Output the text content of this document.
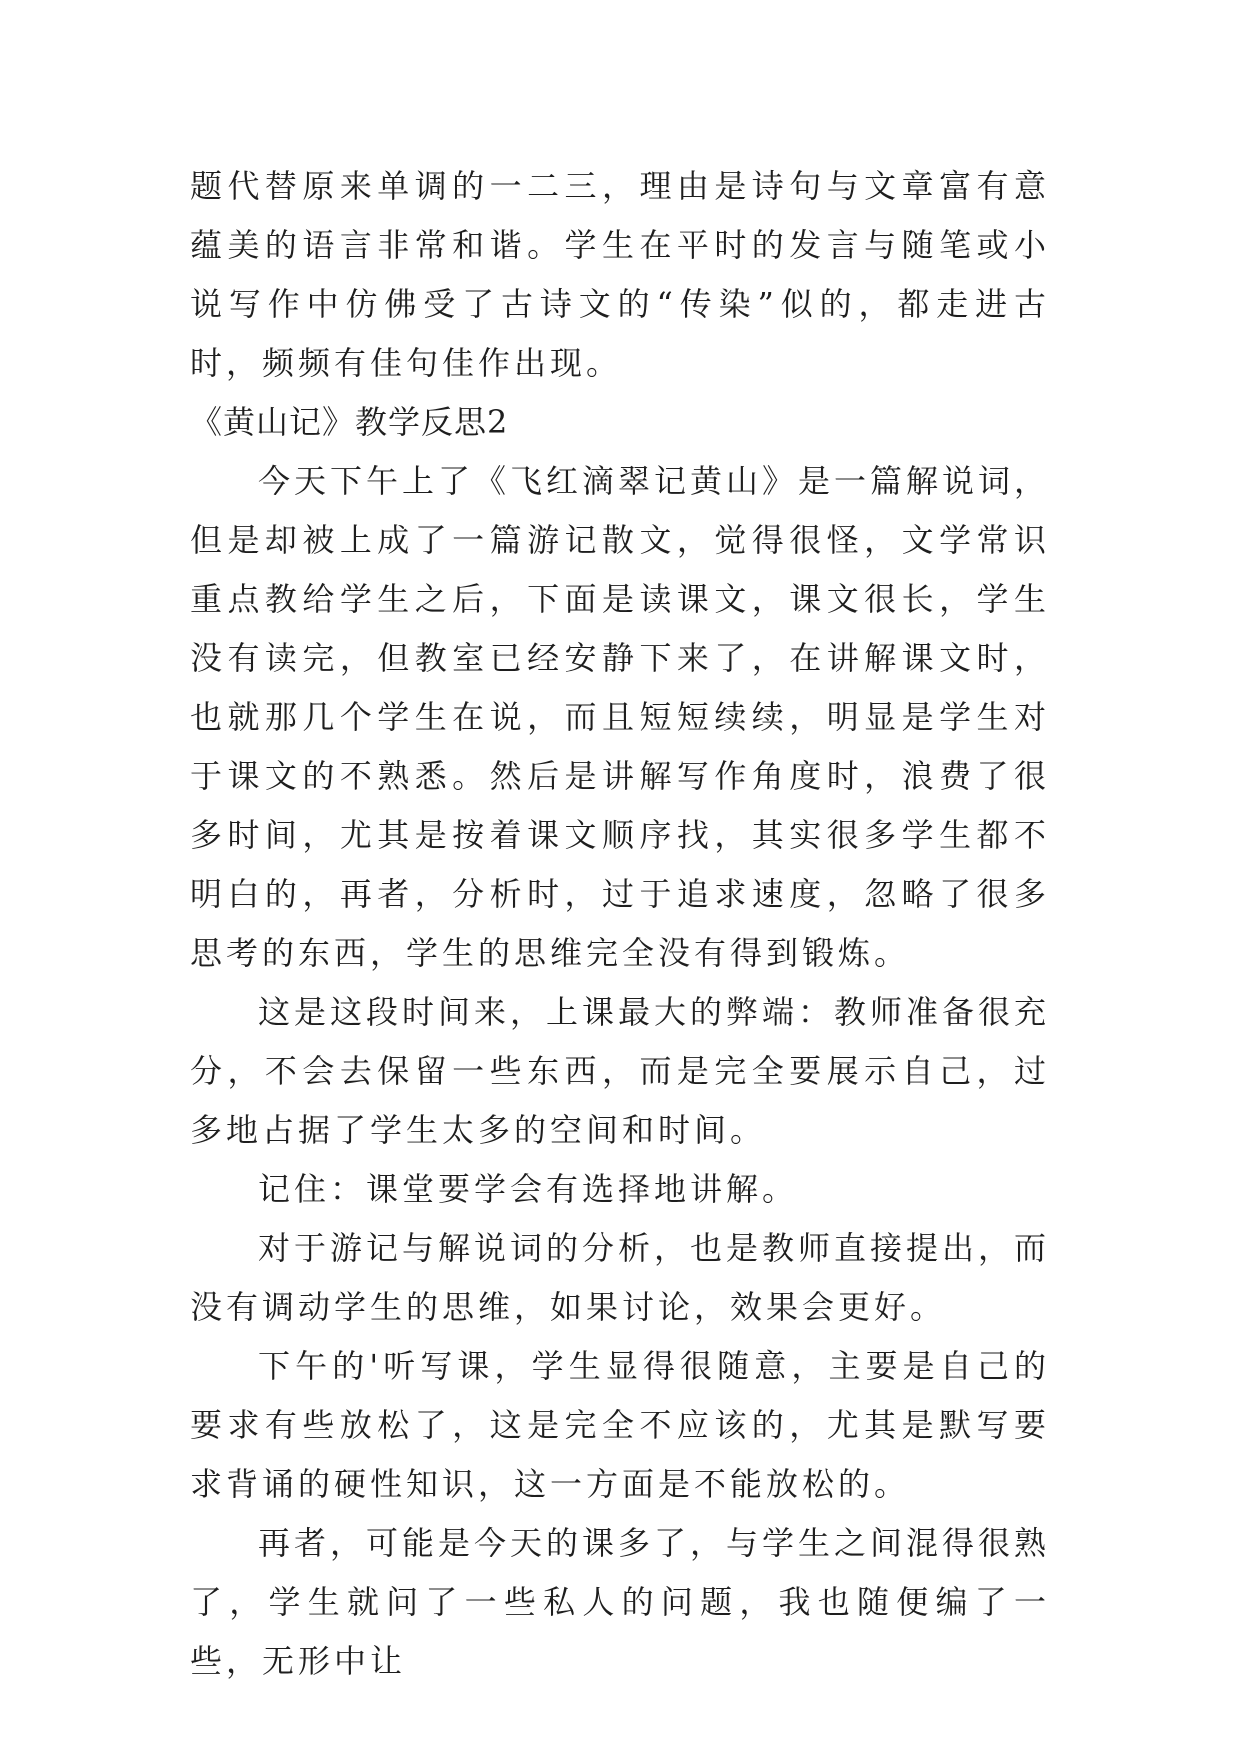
题代替原来单调的一二三，理由是诗句与文章富有意蕴美的语言非常和谐。学生在平时的发言与随笔或小说写作中仿佛受了古诗文的“传染”似的，都走进古时，频频有佳句佳作出现。

《黄山记》教学反思2

今天下午上了《飞红滴翠记黄山》是一篇解说词，但是却被上成了一篇游记散文，觉得很怪，文学常识重点教给学生之后，下面是读课文，课文很长，学生没有读完，但教室已经安静下来了，在讲解课文时，也就那几个学生在说，而且短短续续，明显是学生对于课文的不熟悉。然后是讲解写作角度时，浪费了很多时间，尤其是按着课文顺序找，其实很多学生都不明白的，再者，分析时，过于追求速度，忽略了很多思考的东西，学生的思维完全没有得到锻炼。

这是这段时间来，上课最大的弊端：教师准备很充分，不会去保留一些东西，而是完全要展示自己，过多地占据了学生太多的空间和时间。

记住：课堂要学会有选择地讲解。

对于游记与解说词的分析，也是教师直接提出，而没有调动学生的思维，如果讨论，效果会更好。

下午的'听写课，学生显得很随意，主要是自己的要求有些放松了，这是完全不应该的，尤其是默写要求背诵的硬性知识，这一方面是不能放松的。

再者，可能是今天的课多了，与学生之间混得很熟了，学生就问了一些私人的问题，我也随便编了一些，无形中让
